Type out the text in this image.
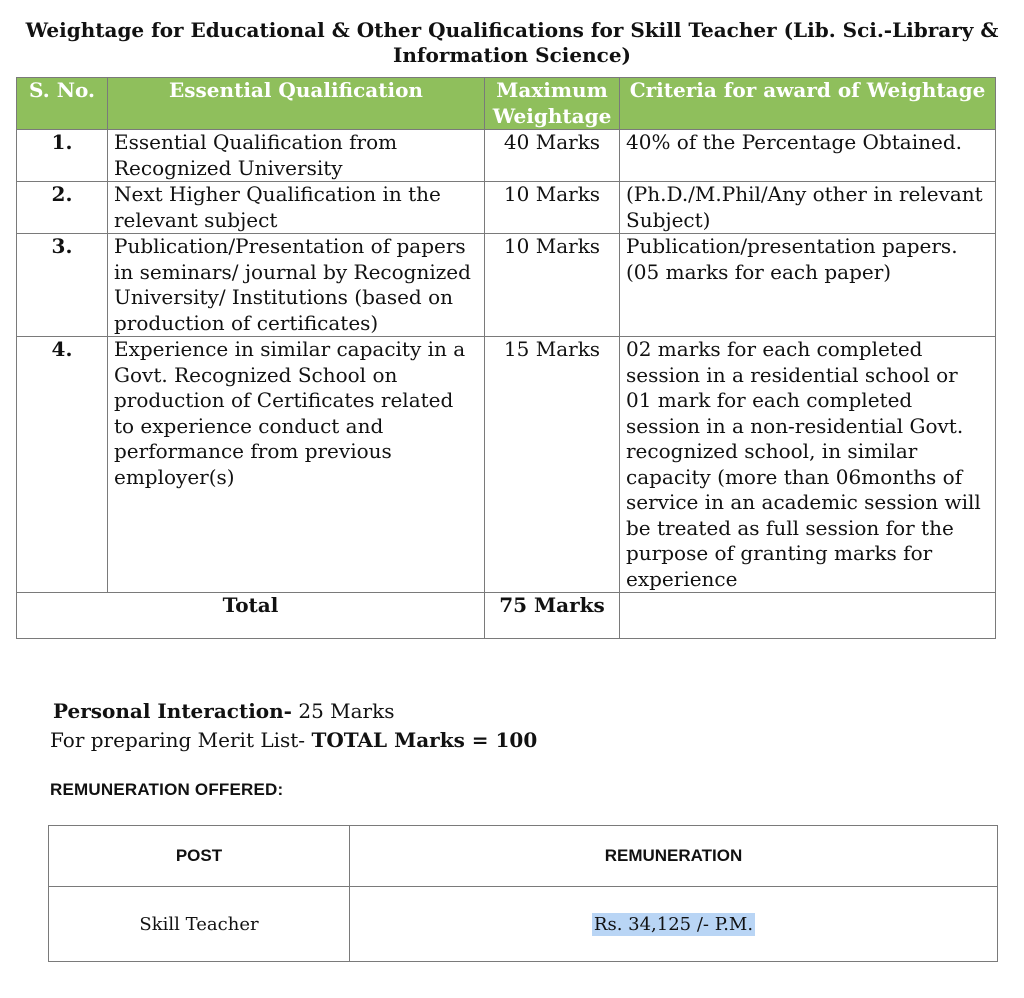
Weightage for Educational & Other Qualifications for Skill Teacher (Lib. Sci.-Library & Information Science)
S. No.	Essential Qualification	Maximum Weightage	Criteria for award of Weightage
1.	Essential Qualification from Recognized University	40 Marks	40% of the Percentage Obtained.
2.	Next Higher Qualification in the relevant subject	10 Marks	(Ph.D./M.Phil/Any other in relevant Subject)
3.	Publication/Presentation of papers in seminars/ journal by Recognized University/ Institutions (based on production of certificates)	10 Marks	Publication/presentation papers. (05 marks for each paper)
4.	Experience in similar capacity in a Govt. Recognized School on production of Certificates related to experience conduct and performance from previous employer(s)	15 Marks	02 marks for each completed session in a residential school or 01 mark for each completed session in a non-residential Govt. recognized school, in similar capacity (more than 06months of service in an academic session will be treated as full session for the purpose of granting marks for experience
Total		75 Marks	
Personal Interaction- 25 Marks
For preparing Merit List- TOTAL Marks = 100
REMUNERATION OFFERED:
POST	REMUNERATION
Skill Teacher	Rs. 34,125 /- P.M.
